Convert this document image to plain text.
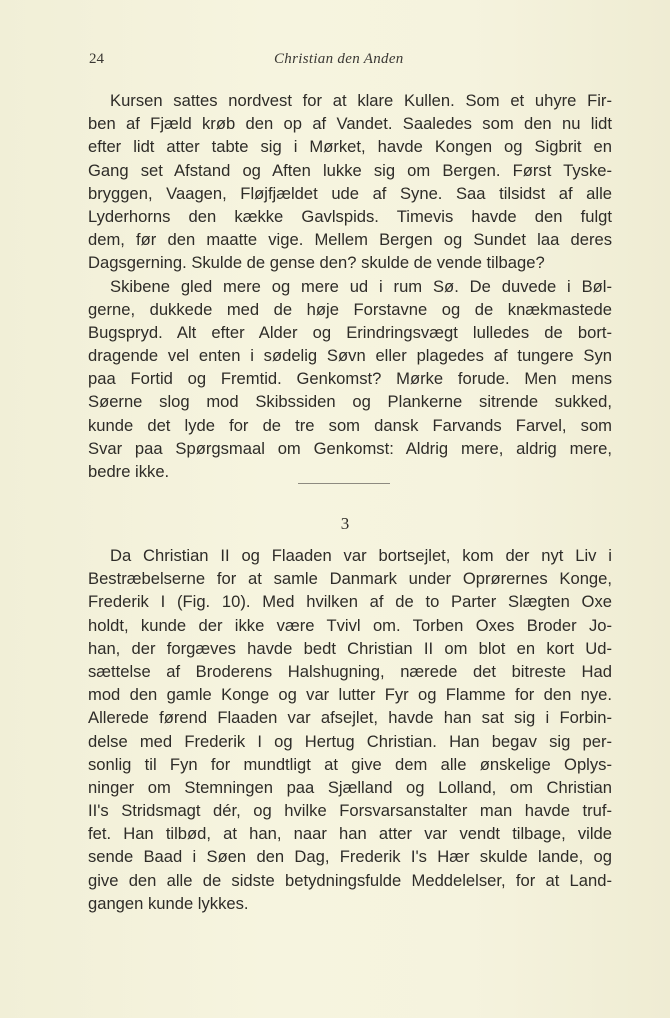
24	Christian den Anden
Kursen sattes nordvest for at klare Kullen. Som et uhyre Fir-
ben af Fjæld krøb den op af Vandet. Saaledes som den nu lidt
efter lidt atter tabte sig i Mørket, havde Kongen og Sigbrit en
Gang set Afstand og Aften lukke sig om Bergen. Først Tyske-
bryggen, Vaagen, Fløjfjældet ude af Syne. Saa tilsidst af alle
Lyderhorns den kække Gavlspids. Timevis havde den fulgt
dem, før den maatte vige. Mellem Bergen og Sundet laa deres
Dagsgerning. Skulde de gense den? skulde de vende tilbage?
Skibene gled mere og mere ud i rum Sø. De duvede i Bøl-
gerne, dukkede med de høje Forstavne og de knækmastede
Bugspryd. Alt efter Alder og Erindringsvægt lulledes de bort-
dragende vel enten i sødelig Søvn eller plagedes af tungere Syn
paa Fortid og Fremtid. Genkomst? Mørke forude. Men mens
Søerne slog mod Skibssiden og Plankerne sitrende sukked,
kunde det lyde for de tre som dansk Farvands Farvel, som
Svar paa Spørgsmaal om Genkomst: Aldrig mere, aldrig mere,
bedre ikke.
3
Da Christian II og Flaaden var bortsejlet, kom der nyt Liv i
Bestræbelserne for at samle Danmark under Oprørernes Konge,
Frederik I (Fig. 10). Med hvilken af de to Parter Slægten Oxe
holdt, kunde der ikke være Tvivl om. Torben Oxes Broder Jo-
han, der forgæves havde bedt Christian II om blot en kort Ud-
sættelse af Broderens Halshugning, nærede det bitreste Had
mod den gamle Konge og var lutter Fyr og Flamme for den nye.
Allerede førend Flaaden var afsejlet, havde han sat sig i Forbin-
delse med Frederik I og Hertug Christian. Han begav sig per-
sonlig til Fyn for mundtligt at give dem alle ønskelige Oplys-
ninger om Stemningen paa Sjælland og Lolland, om Christian
II's Stridsmagt dér, og hvilke Forsvarsanstalter man havde truf-
fet. Han tilbød, at han, naar han atter var vendt tilbage, vilde
sende Baad i Søen den Dag, Frederik I's Hær skulde lande, og
give den alle de sidste betydningsfulde Meddelelser, for at Land-
gangen kunde lykkes.
